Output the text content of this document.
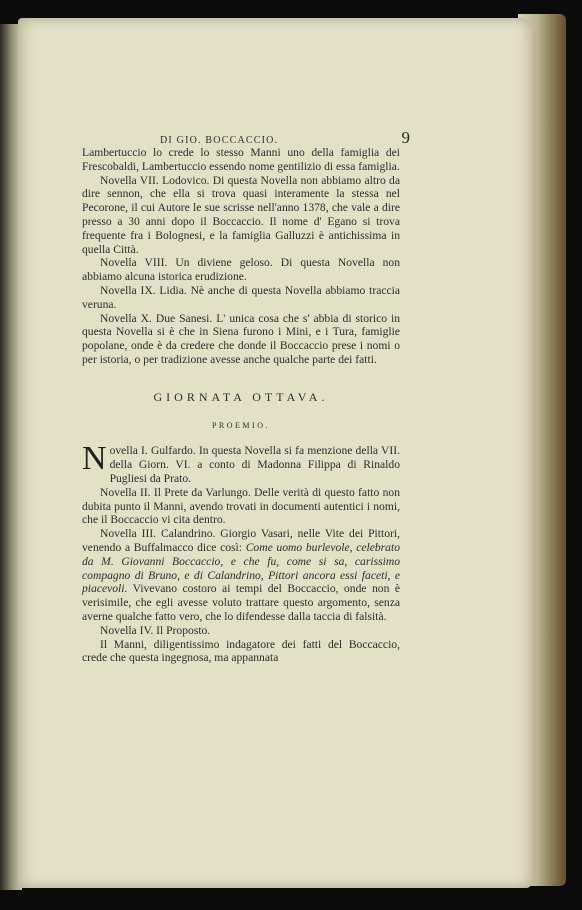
DI GIO. BOCCACCIO.	9

Lambertuccio lo crede lo stesso Manni uno della famiglia dei Frescobaldi, Lambertuccio essendo nome gentilizio di essa famiglia.

Novella VII. Lodovico. Di questa Novella non abbiamo altro da dire sennon, che ella si trova quasi interamente la stessa nel Pecorone, il cui Autore le sue scrisse nell'anno 1378, che vale a dire presso a 30 anni dopo il Boccaccio. Il nome d' Egano si trova frequente fra i Bolognesi, e la famiglia Galluzzi è antichissima in quella Città.

Novella VIII. Un diviene geloso. Di questa Novella non abbiamo alcuna istorica erudizione.

Novella IX. Lidia. Nè anche di questa Novella abbiamo traccia veruna.

Novella X. Due Sanesi. L' unica cosa che s' abbia di storico in questa Novella si è che in Siena furono i Mini, e i Tura, famiglie popolane, onde è da credere che donde il Boccaccio prese i nomi o per istoria, o per tradizione avesse anche qualche parte dei fatti.

GIORNATA OTTAVA.

PROEMIO.

Novella I. Gulfardo. In questa Novella si fa menzione della VII. della Giorn. VI. a conto di Madonna Filippa di Rinaldo Pugliesi da Prato.

Novella II. Il Prete da Varlungo. Delle verità di questo fatto non dubita punto il Manni, avendo trovati in documenti autentici i nomi, che il Boccaccio vi cita dentro.

Novella III. Calandrino. Giorgio Vasari, nelle Vite dei Pittori, venendo a Buffalmacco dice così: Come uomo burlevole, celebrato da M. Giovanni Boccaccio, e che fu, come si sa, carissimo compagno di Bruno, e di Calandrino, Pittori ancora essi faceti, e piacevoli. Vivevano costoro ai tempi del Boccaccio, onde non è verisimile, che egli avesse voluto trattare questo argomento, senza averne qualche fatto vero, che lo difendesse dalla taccia di falsità.

Novella IV. Il Proposto.

Il Manni, diligentissimo indagatore dei fatti del Boccaccio, crede che questa ingegnosa, ma appannata
